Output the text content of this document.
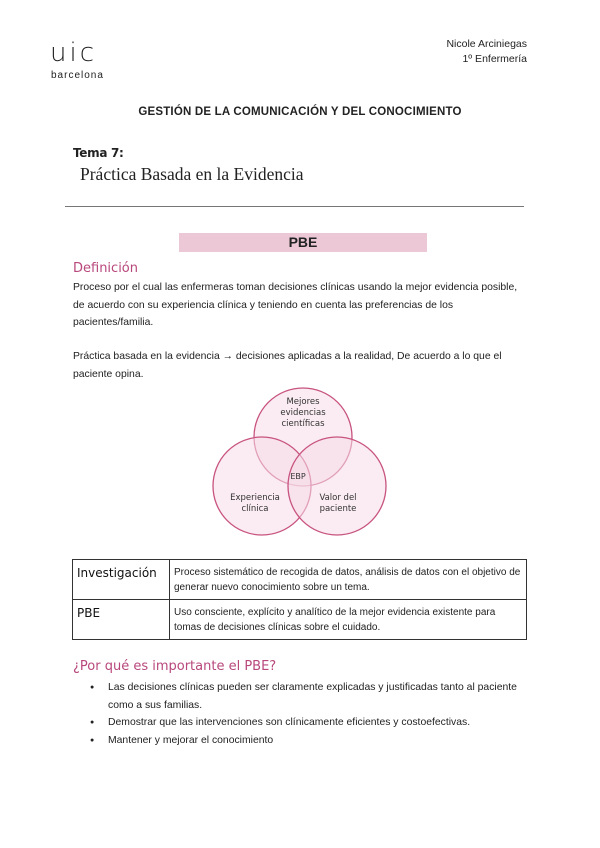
uic
barcelona
Nicole Arciniegas
1º Enfermería
GESTIÓN DE LA COMUNICACIÓN Y DEL CONOCIMIENTO
Tema 7:
Práctica Basada en la Evidencia
PBE
Definición
Proceso por el cual las enfermeras toman decisiones clínicas usando la mejor evidencia posible, de acuerdo con su experiencia clínica y teniendo en cuenta las preferencias de los pacientes/familia.
Práctica basada en la evidencia → decisiones aplicadas a la realidad, De acuerdo a lo que el paciente opina.
Mejores
evidencias
científicas
Experiencia
clínica
Valor del
paciente
EBP
Investigación	Proceso sistemático de recogida de datos, análisis de datos con el objetivo de generar nuevo conocimiento sobre un tema.
PBE	Uso consciente, explícito y analítico de la mejor evidencia existente para tomas de decisiones clínicas sobre el cuidado.
¿Por qué es importante el PBE?
● Las decisiones clínicas pueden ser claramente explicadas y justificadas tanto al paciente como a sus familias.
● Demostrar que las intervenciones son clínicamente eficientes y costoefectivas.
● Mantener y mejorar el conocimiento
